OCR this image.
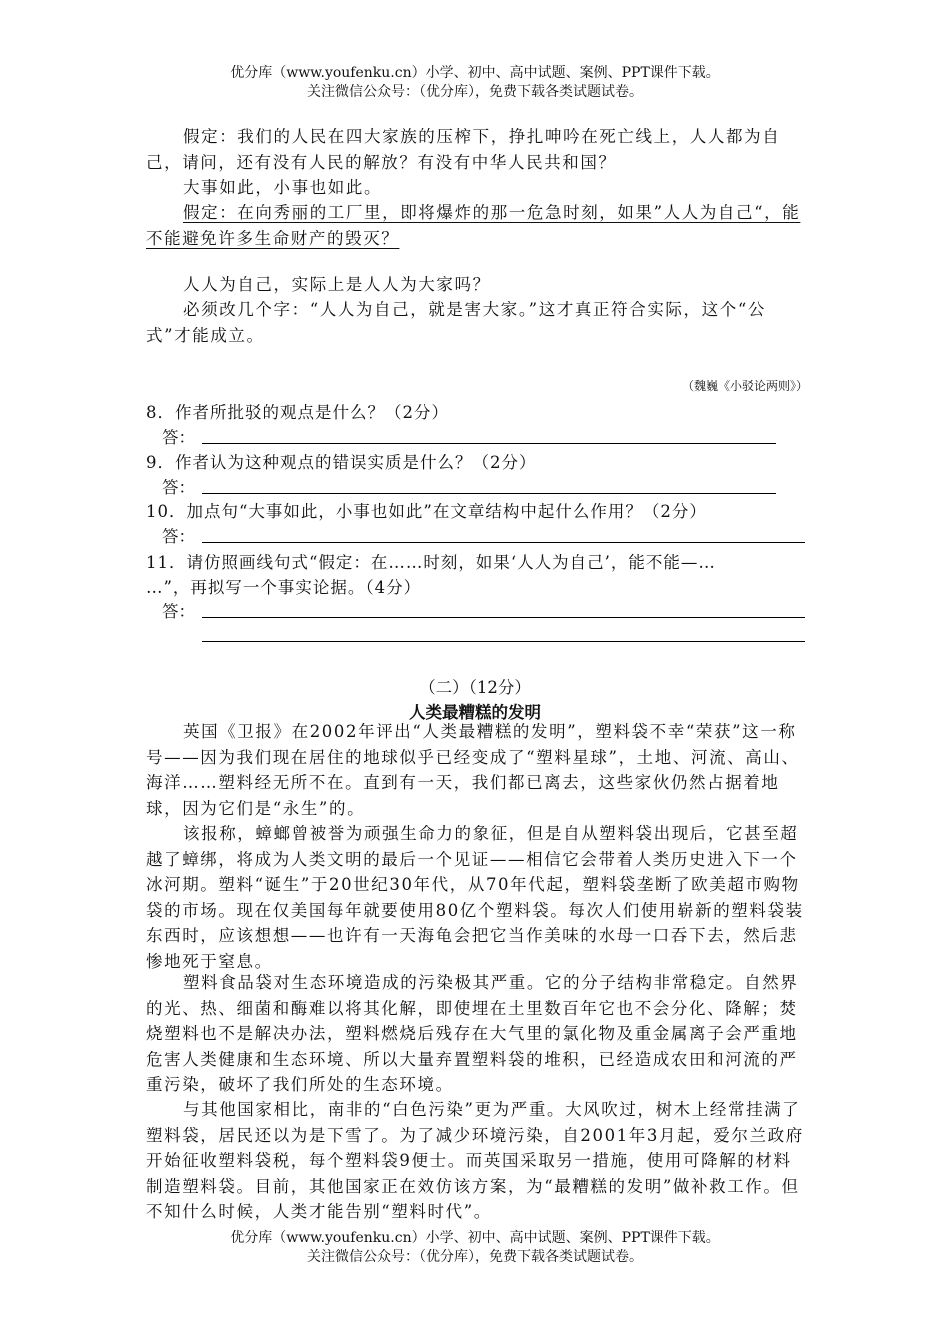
优分库（www.youfenku.cn）小学、初中、高中试题、案例、PPT课件下载。
关注微信公众号：（优分库），免费下载各类试题试卷。
假定：我们的人民在四大家族的压榨下，挣扎呻吟在死亡线上，人人都为自己，请问，还有没有人民的解放？有没有中华人民共和国？
大事如此，小事也如此。
假定：在向秀丽的工厂里，即将爆炸的那一危急时刻，如果”人人为自己“，能不能避免许多生命财产的毁灭？
人人为自己，实际上是人人为大家吗？
必须改几个字：“人人为自己，就是害大家。”这才真正符合实际，这个“公式”才能成立。
（魏巍《小驳论两则》）
8．作者所批驳的观点是什么？（2分）
答：
9．作者认为这种观点的错误实质是什么？（2分）
答：
10．加点句“大事如此，小事也如此”在文章结构中起什么作用？（2分）
答：
11．请仿照画线句式“假定：在……时刻，如果‘人人为自己’，能不能—…
…”，再拟写一个事实论据。（4分）
答：
（二）（12分）
人类最糟糕的发明
英国《卫报》在2002年评出“人类最糟糕的发明”，塑料袋不幸“荣获”这一称号——因为我们现在居住的地球似乎已经变成了“塑料星球”，土地、河流、高山、海洋……塑料经无所不在。直到有一天，我们都已离去，这些家伙仍然占据着地球，因为它们是“永生”的。
该报称，蟑螂曾被誉为顽强生命力的象征，但是自从塑料袋出现后，它甚至超越了蟑绑，将成为人类文明的最后一个见证——相信它会带着人类历史进入下一个冰河期。塑料“诞生”于20世纪30年代，从70年代起，塑料袋垄断了欧美超市购物袋的市场。现在仅美国每年就要使用80亿个塑料袋。每次人们使用崭新的塑料袋装东西时，应该想想——也许有一天海龟会把它当作美味的水母一口吞下去，然后悲惨地死于窒息。
塑料食品袋对生态环境造成的污染极其严重。它的分子结构非常稳定。自然界的光、热、细菌和酶难以将其化解，即使埋在土里数百年它也不会分化、降解；焚烧塑料也不是解决办法，塑料燃烧后残存在大气里的氯化物及重金属离子会严重地危害人类健康和生态环境、所以大量弃置塑料袋的堆积，已经造成农田和河流的严重污染，破坏了我们所处的生态环境。
与其他国家相比，南非的“白色污染”更为严重。大风吹过，树木上经常挂满了塑料袋，居民还以为是下雪了。为了减少环境污染，自2001年3月起，爱尔兰政府开始征收塑料袋税，每个塑料袋9便士。而英国采取另一措施，使用可降解的材料制造塑料袋。目前，其他国家正在效仿该方案，为“最糟糕的发明”做补救工作。但不知什么时候，人类才能告别“塑料时代”。
优分库（www.youfenku.cn）小学、初中、高中试题、案例、PPT课件下载。
关注微信公众号：（优分库），免费下载各类试题试卷。
